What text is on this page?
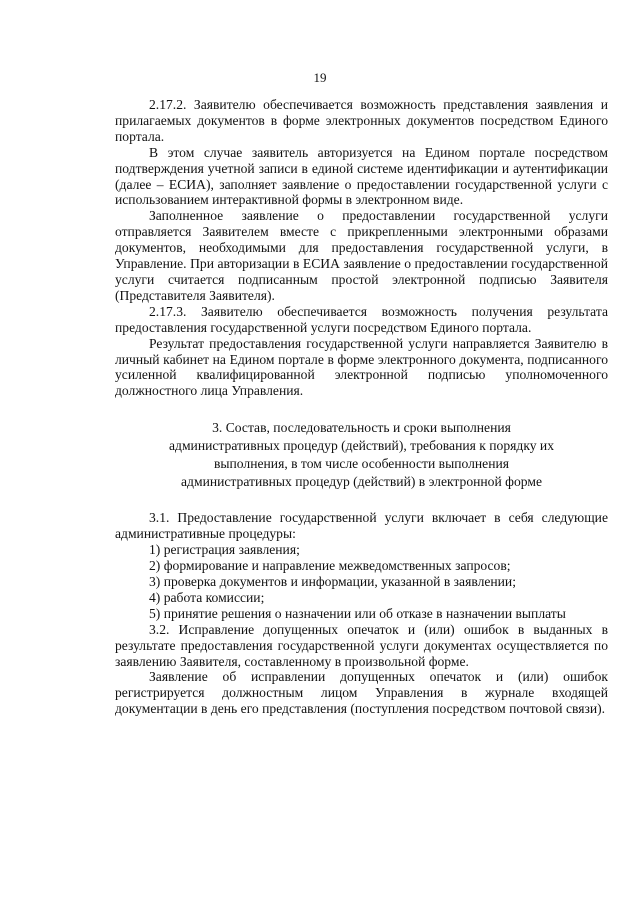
19

2.17.2. Заявителю обеспечивается возможность представления заявления и прилагаемых документов в форме электронных документов посредством Единого портала.

В этом случае заявитель авторизуется на Едином портале посредством подтверждения учетной записи в единой системе идентификации и аутентификации (далее – ЕСИА), заполняет заявление о предоставлении государственной услуги с использованием интерактивной формы в электронном виде.

Заполненное заявление о предоставлении государственной услуги отправляется Заявителем вместе с прикрепленными электронными образами документов, необходимыми для предоставления государственной услуги, в Управление. При авторизации в ЕСИА заявление о предоставлении государственной услуги считается подписанным простой электронной подписью Заявителя (Представителя Заявителя).

2.17.3. Заявителю обеспечивается возможность получения результата предоставления государственной услуги посредством Единого портала.

Результат предоставления государственной услуги направляется Заявителю в личный кабинет на Едином портале в форме электронного документа, подписанного усиленной квалифицированной электронной подписью уполномоченного должностного лица Управления.

3. Состав, последовательность и сроки выполнения
административных процедур (действий), требования к порядку их
выполнения, в том числе особенности выполнения
административных процедур (действий) в электронной форме

3.1. Предоставление государственной услуги включает в себя следующие административные процедуры:

1) регистрация заявления;

2) формирование и направление межведомственных запросов;

3) проверка документов и информации, указанной в заявлении;

4) работа комиссии;

5) принятие решения о назначении или об отказе в назначении выплаты

3.2. Исправление допущенных опечаток и (или) ошибок в выданных в результате предоставления государственной услуги документах осуществляется по заявлению Заявителя, составленному в произвольной форме.

Заявление об исправлении допущенных опечаток и (или) ошибок регистрируется должностным лицом Управления в журнале входящей документации в день его представления (поступления посредством почтовой связи).
